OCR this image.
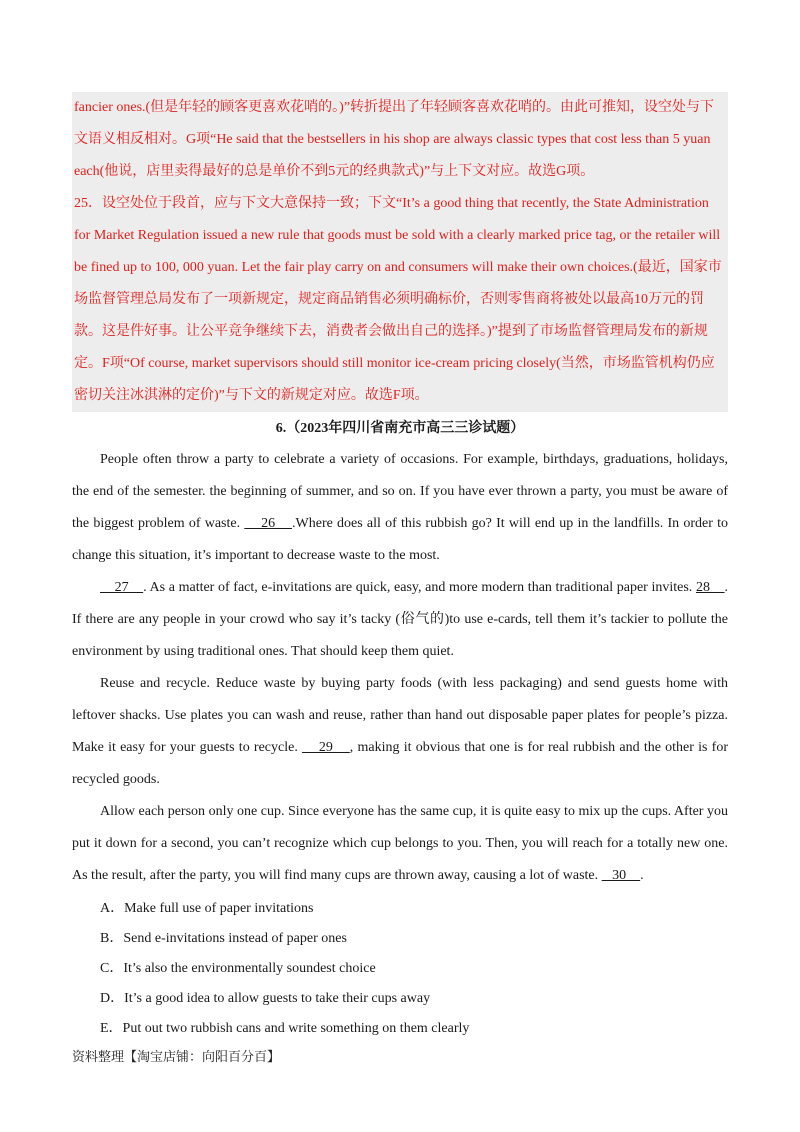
fancier ones.(但是年轻的顾客更喜欢花哨的。)”转折提出了年轻顾客喜欢花哨的。由此可推知，设空处与下文语义相反相对。G项“He said that the bestsellers in his shop are always classic types that cost less than 5 yuan each(他说，店里卖得最好的总是单价不到5元的经典款式)”与上下文对应。故选G项。

25．设空处位于段首，应与下文大意保持一致；下文“It’s a good thing that recently, the State Administration for Market Regulation issued a new rule that goods must be sold with a clearly marked price tag, or the retailer will be fined up to 100, 000 yuan. Let the fair play carry on and consumers will make their own choices.(最近，国家市场监督管理总局发布了一项新规定，规定商品销售必须明确标价，否则零售商将被处以最高10万元的罚款。这是件好事。让公平竞争继续下去，消费者会做出自己的选择。)”提到了市场监督管理局发布的新规定。F项“Of course, market supervisors should still monitor ice-cream pricing closely(当然，市场监管机构仍应密切关注冰淇淋的定价)”与下文的新规定对应。故选F项。

6.（2023年四川省南充市高三三诊试题）

People often throw a party to celebrate a variety of occasions. For example, birthdays, graduations, holidays, the end of the semester. the beginning of summer, and so on. If you have ever thrown a party, you must be aware of the biggest problem of waste.     26    .Where does all of this rubbish go? It will end up in the landfills. In order to change this situation, it’s important to decrease waste to the most.

27    . As a matter of fact, e-invitations are quick, easy, and more modern than traditional paper invites. 28    . If there are any people in your crowd who say it’s tacky (俗气的)to use e-cards, tell them it’s tackier to pollute the environment by using traditional ones. That should keep them quiet.

Reuse and recycle. Reduce waste by buying party foods (with less packaging) and send guests home with leftover shacks. Use plates you can wash and reuse, rather than hand out disposable paper plates for people’s pizza. Make it easy for your guests to recycle.     29    , making it obvious that one is for real rubbish and the other is for recycled goods.

Allow each person only one cup. Since everyone has the same cup, it is quite easy to mix up the cups. After you put it down for a second, you can’t recognize which cup belongs to you. Then, you will reach for a totally new one. As the result, after the party, you will find many cups are thrown away, causing a lot of waste.    30    .

A．Make full use of paper invitations
B．Send e-invitations instead of paper ones
C．It’s also the environmentally soundest choice
D．It’s a good idea to allow guests to take their cups away
E．Put out two rubbish cans and write something on them clearly
资料整理【淘宝店铺：向阳百分百】
